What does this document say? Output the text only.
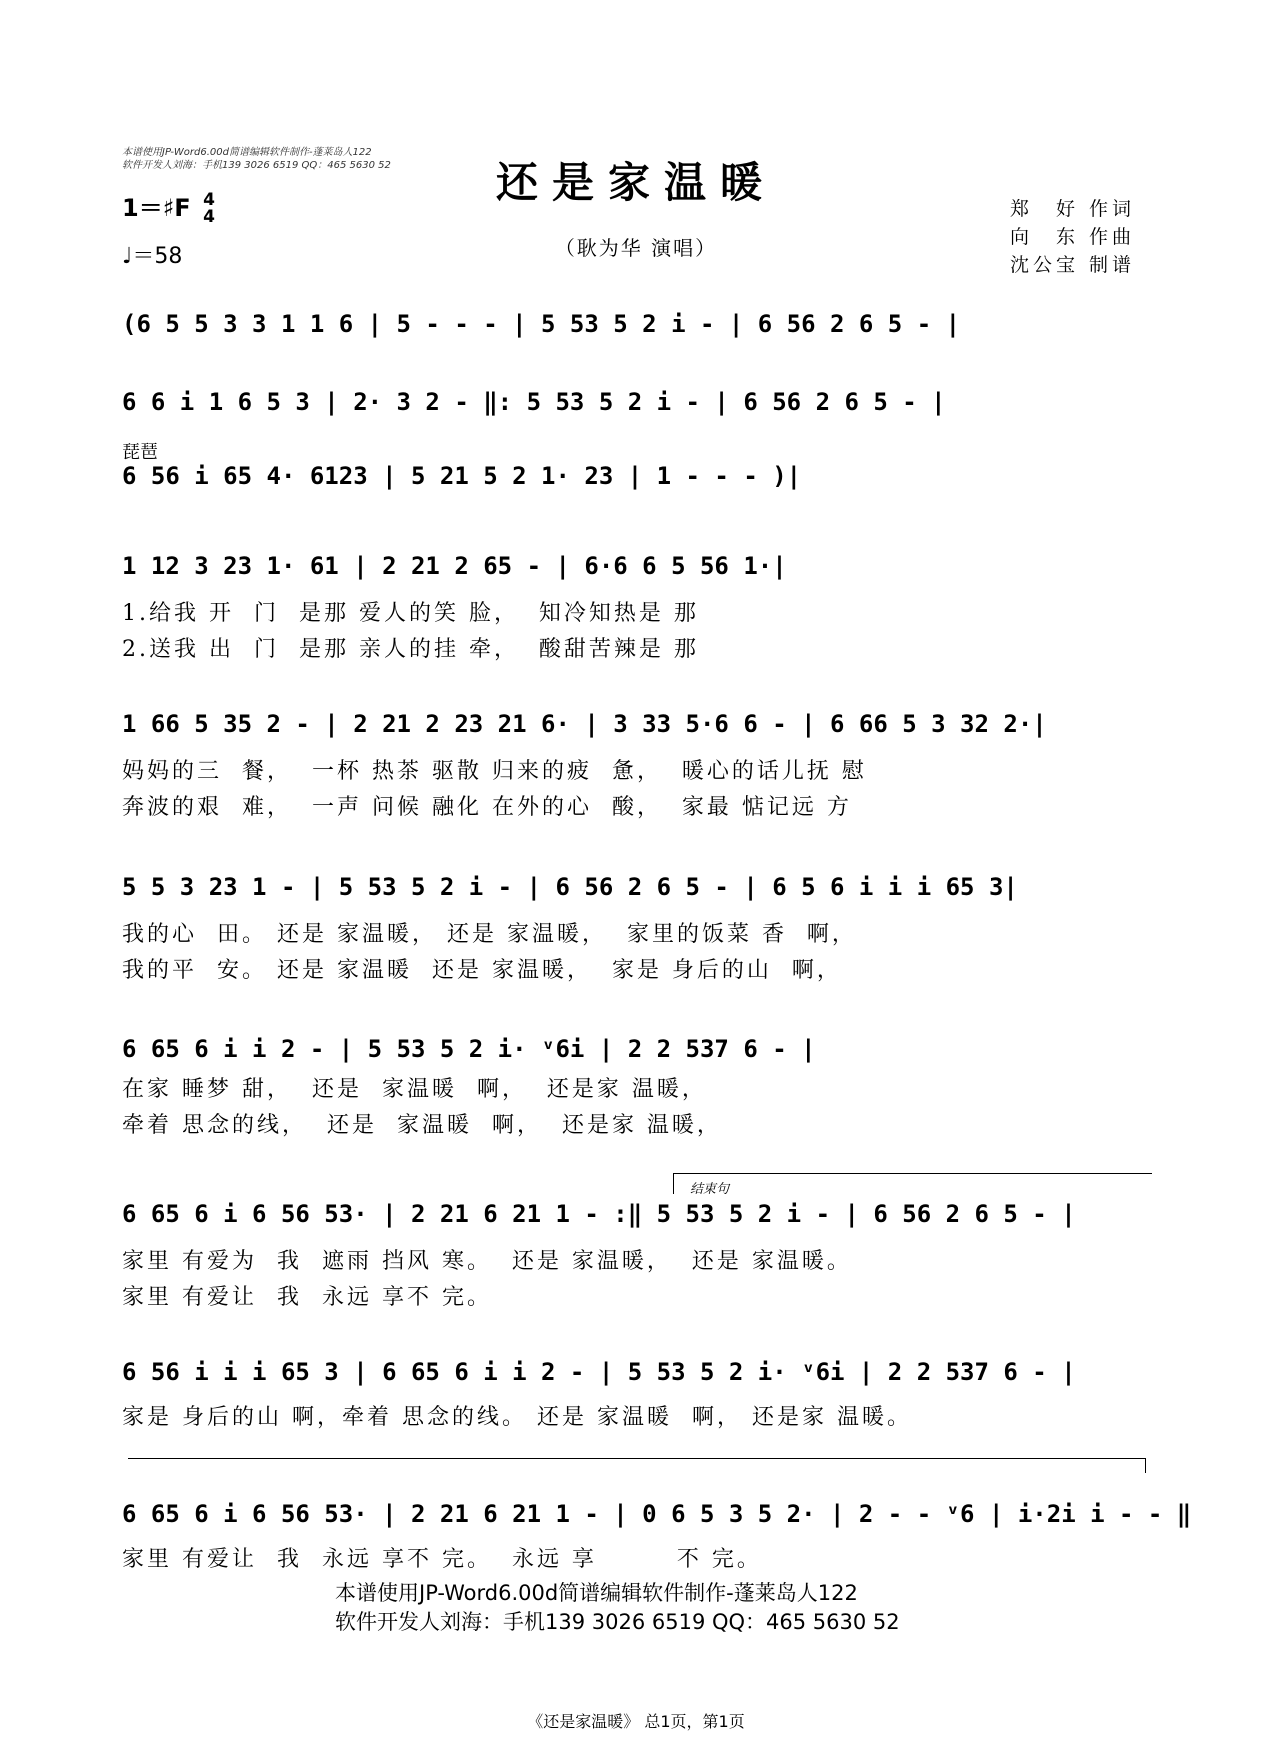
本谱使用JP-Word6.00d简谱编辑软件制作-蓬莱岛人122
软件开发人刘海：手机139 3026 6519 QQ：465 5630 52	还是家温暖
（耿为华 演唱）
1＝♯F 4
4
♩＝58
郑　好 作词
向　东 作曲
沈公宝 制谱
(6 5 5 3 3 1 1 6 | 5 - - - | 5 53 5 2 i - | 6 56 2 6 5 - |
6 6 i 1 6 5 3 | 2· 3 2 - ‖: 5 53 5 2 i - | 6 56 2 6 5 - |
琵琶
6 56 i 65 4· 6123 | 5 21 5 2 1· 23 | 1 - - - )|
1 12 3 23 1· 61 | 2 21 2 65 - | 6·6 6 5 56 1·|
1.给我 开  门  是那 爱人的笑 脸，  知冷知热是 那
2.送我 出  门  是那 亲人的挂 牵，  酸甜苦辣是 那
1 66 5 35 2 - | 2 21 2 23 21 6· | 3 33 5·6 6 - | 6 66 5 3 32 2·|
妈妈的三  餐，  一杯 热茶 驱散 归来的疲  惫，  暖心的话儿抚 慰
奔波的艰  难，  一声 问候 融化 在外的心  酸，  家最 惦记远 方
5 5 3 23 1 - | 5 53 5 2 i - | 6 56 2 6 5 - | 6 5 6 i i i 65 3|
我的心  田。 还是 家温暖， 还是 家温暖，  家里的饭菜 香  啊，
我的平  安。 还是 家温暖  还是 家温暖，  家是 身后的山  啊，
6 65 6 i i 2 - | 5 53 5 2 i· ᵛ6i | 2 2 537 6 - |
在家 睡梦 甜，  还是  家温暖  啊，  还是家 温暖，
牵着 思念的线，  还是  家温暖  啊，  还是家 温暖，
结束句
6 65 6 i 6 56 53· | 2 21 6 21 1 - :‖ 5 53 5 2 i - | 6 56 2 6 5 - |
家里 有爱为  我  遮雨 挡风 寒。  还是 家温暖，  还是 家温暖。
家里 有爱让  我  永远 享不 完。
6 56 i i i 65 3 | 6 65 6 i i 2 - | 5 53 5 2 i· ᵛ6i | 2 2 537 6 - |
家是 身后的山 啊，牵着 思念的线。 还是 家温暖  啊， 还是家 温暖。
6 65 6 i 6 56 53· | 2 21 6 21 1 - | 0 6 5 3 5 2· | 2 - - ᵛ6 | i·2i i - - ‖
家里 有爱让  我  永远 享不 完。  永远 享        不 完。
本谱使用JP-Word6.00d简谱编辑软件制作-蓬莱岛人122
软件开发人刘海：手机139 3026 6519 QQ：465 5630 52
《还是家温暖》 总1页，第1页
